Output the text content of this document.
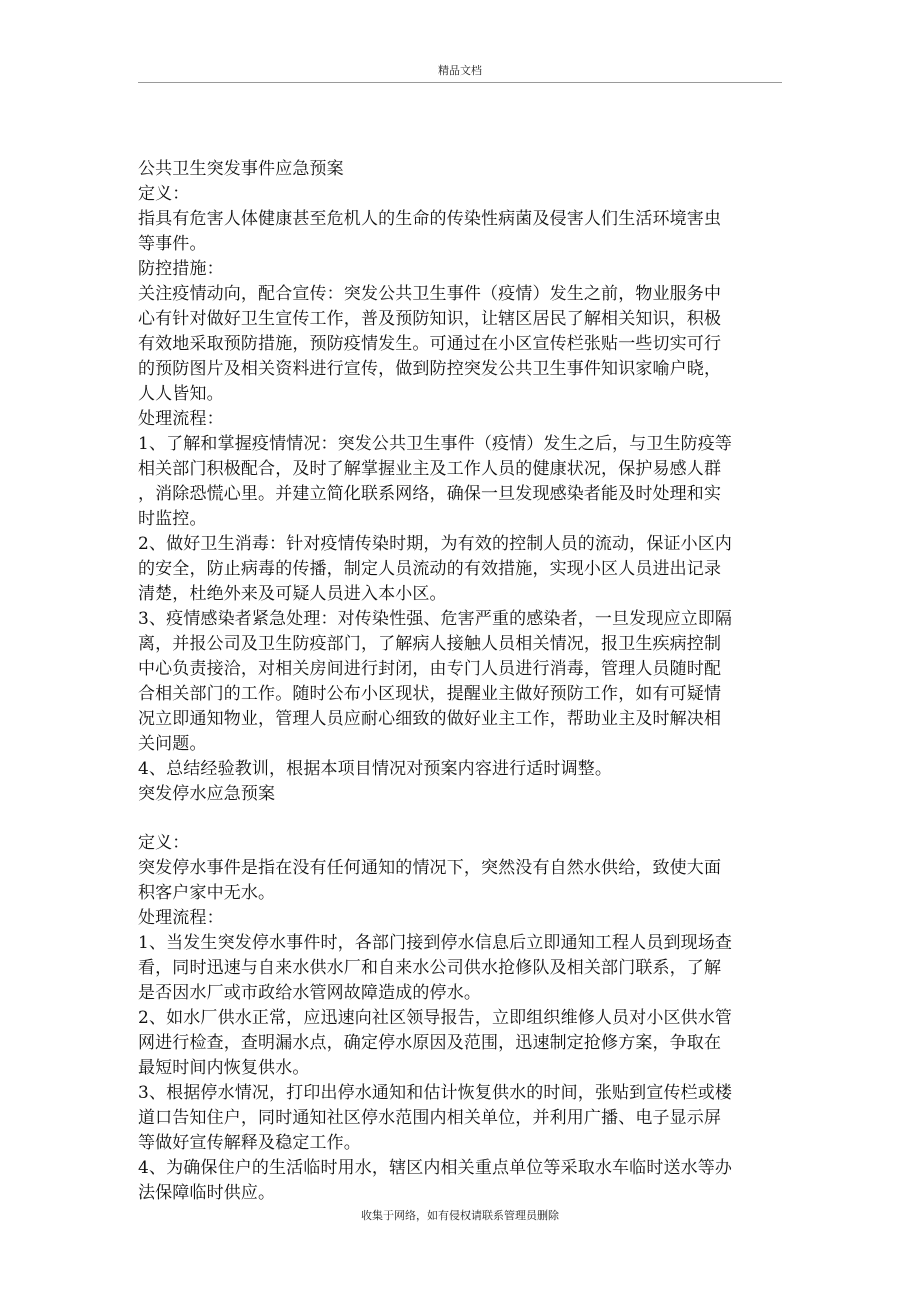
精品文档
公共卫生突发事件应急预案
定义：
指具有危害人体健康甚至危机人的生命的传染性病菌及侵害人们生活环境害虫
等事件。
防控措施：
关注疫情动向，配合宣传：突发公共卫生事件（疫情）发生之前，物业服务中
心有针对做好卫生宣传工作，普及预防知识，让辖区居民了解相关知识，积极
有效地采取预防措施，预防疫情发生。可通过在小区宣传栏张贴一些切实可行
的预防图片及相关资料进行宣传，做到防控突发公共卫生事件知识家喻户晓，
人人皆知。
处理流程：
1、了解和掌握疫情情况：突发公共卫生事件（疫情）发生之后，与卫生防疫等
相关部门积极配合，及时了解掌握业主及工作人员的健康状况，保护易感人群
，消除恐慌心里。并建立简化联系网络，确保一旦发现感染者能及时处理和实
时监控。
2、做好卫生消毒：针对疫情传染时期，为有效的控制人员的流动，保证小区内
的安全，防止病毒的传播，制定人员流动的有效措施，实现小区人员进出记录
清楚，杜绝外来及可疑人员进入本小区。
3、疫情感染者紧急处理：对传染性强、危害严重的感染者，一旦发现应立即隔
离，并报公司及卫生防疫部门，了解病人接触人员相关情况，报卫生疾病控制
中心负责接洽，对相关房间进行封闭，由专门人员进行消毒，管理人员随时配
合相关部门的工作。随时公布小区现状，提醒业主做好预防工作，如有可疑情
况立即通知物业，管理人员应耐心细致的做好业主工作，帮助业主及时解决相
关问题。
4、总结经验教训，根据本项目情况对预案内容进行适时调整。
突发停水应急预案
定义：
突发停水事件是指在没有任何通知的情况下，突然没有自然水供给，致使大面
积客户家中无水。
处理流程：
1、当发生突发停水事件时，各部门接到停水信息后立即通知工程人员到现场查
看，同时迅速与自来水供水厂和自来水公司供水抢修队及相关部门联系，了解
是否因水厂或市政给水管网故障造成的停水。
2、如水厂供水正常，应迅速向社区领导报告，立即组织维修人员对小区供水管
网进行检查，查明漏水点，确定停水原因及范围，迅速制定抢修方案，争取在
最短时间内恢复供水。
3、根据停水情况，打印出停水通知和估计恢复供水的时间，张贴到宣传栏或楼
道口告知住户，同时通知社区停水范围内相关单位，并利用广播、电子显示屏
等做好宣传解释及稳定工作。
4、为确保住户的生活临时用水，辖区内相关重点单位等采取水车临时送水等办
法保障临时供应。
收集于网络，如有侵权请联系管理员删除
